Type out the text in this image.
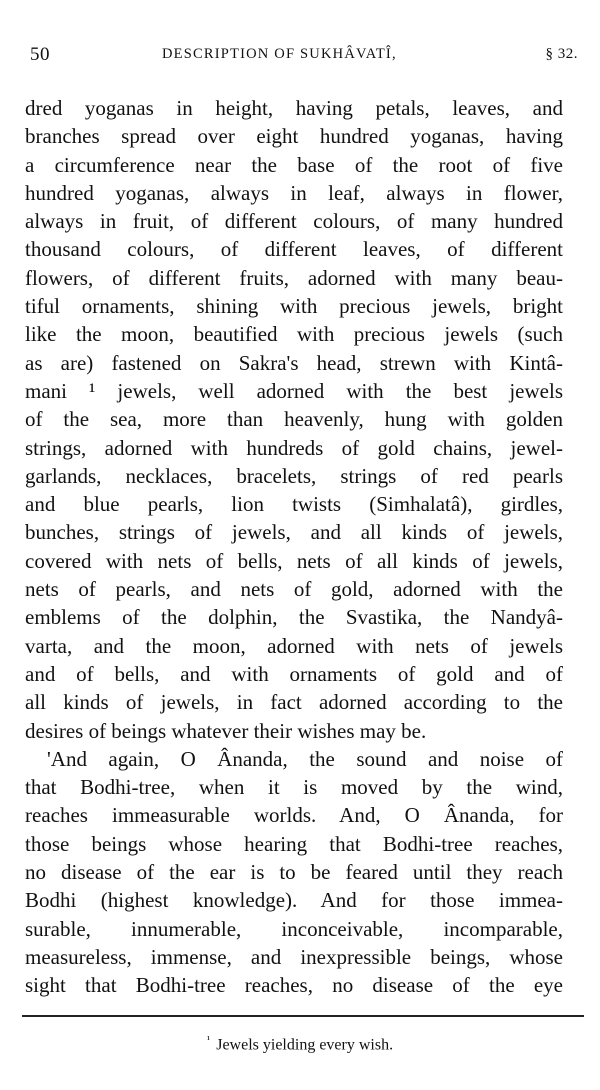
50	DESCRIPTION OF SUKHÂVATÎ,	§ 32.
dred yoganas in height, having petals, leaves, and
branches spread over eight hundred yoganas, having
a circumference near the base of the root of five
hundred yoganas, always in leaf, always in flower,
always in fruit, of different colours, of many hundred
thousand colours, of different leaves, of different
flowers, of different fruits, adorned with many beau-
tiful ornaments, shining with precious jewels, bright
like the moon, beautified with precious jewels (such
as are) fastened on Sakra's head, strewn with Kintâ-
mani ¹ jewels, well adorned with the best jewels
of the sea, more than heavenly, hung with golden
strings, adorned with hundreds of gold chains, jewel-
garlands, necklaces, bracelets, strings of red pearls
and blue pearls, lion twists (Simhalatâ), girdles,
bunches, strings of jewels, and all kinds of jewels,
covered with nets of bells, nets of all kinds of jewels,
nets of pearls, and nets of gold, adorned with the
emblems of the dolphin, the Svastika, the Nandyâ-
varta, and the moon, adorned with nets of jewels
and of bells, and with ornaments of gold and of
all kinds of jewels, in fact adorned according to the
desires of beings whatever their wishes may be.
'And again, O Ânanda, the sound and noise of
that Bodhi-tree, when it is moved by the wind,
reaches immeasurable worlds. And, O Ânanda, for
those beings whose hearing that Bodhi-tree reaches,
no disease of the ear is to be feared until they reach
Bodhi (highest knowledge). And for those immea-
surable, innumerable, inconceivable, incomparable,
measureless, immense, and inexpressible beings, whose
sight that Bodhi-tree reaches, no disease of the eye
$^{^1}$ Jewels yielding every wish.
